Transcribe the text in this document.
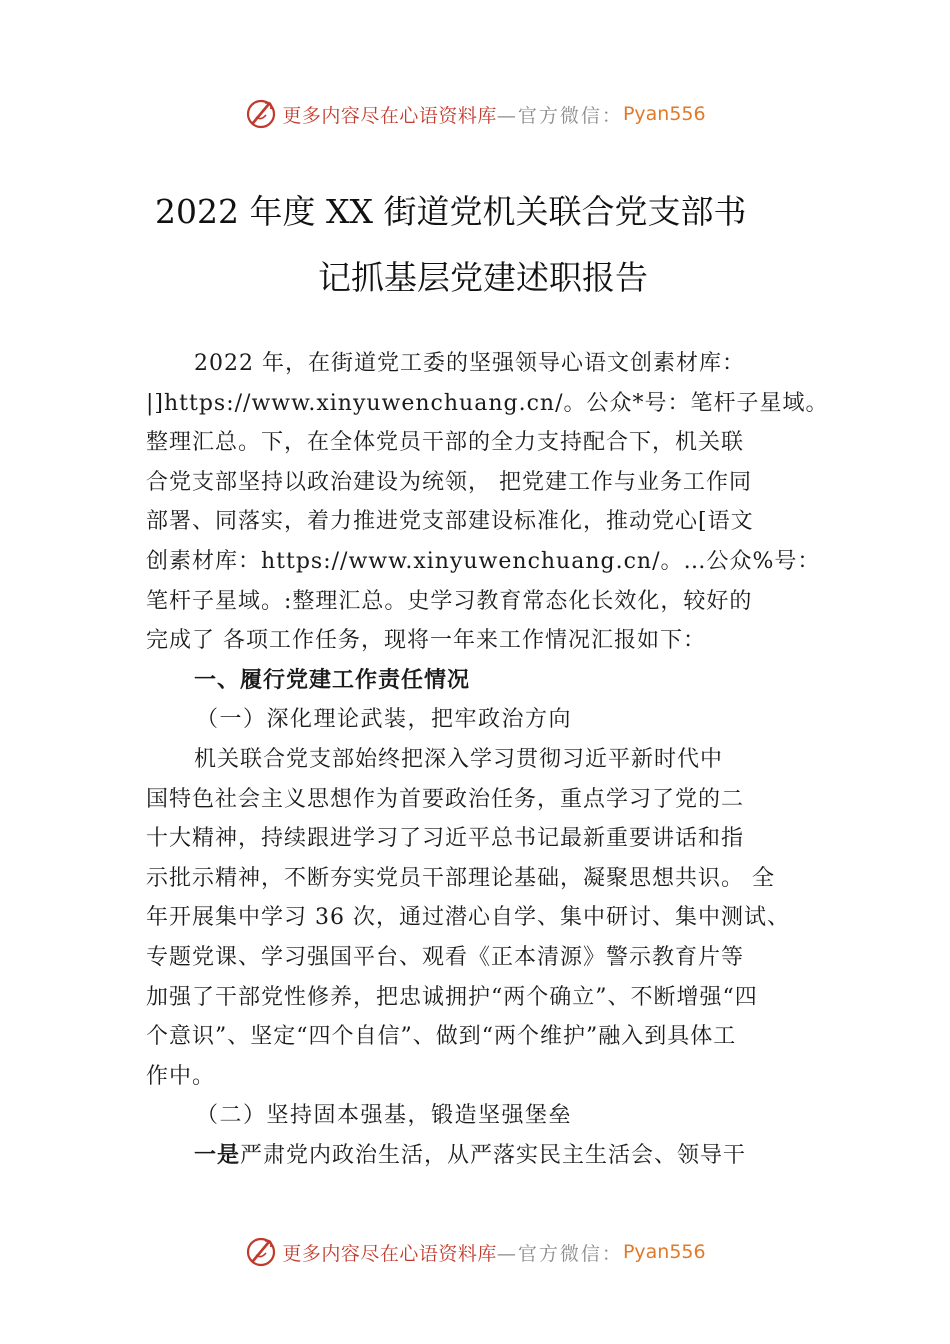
更多内容尽在心语资料库 —官方微信： Pyan556
2022 年度 XX 街道党机关联合党支部书
记抓基层党建述职报告
2022 年，在街道党工委的坚强领导心语文创素材库：
|]https://www.xinyuwenchuang.cn/。公众*号：笔杆子星域。
整理汇总。下，在全体党员干部的全力支持配合下，机关联
合党支部坚持以政治建设为统领， 把党建工作与业务工作同
部署、同落实，着力推进党支部建设标准化，推动党心[语文
创素材库：https://www.xinyuwenchuang.cn/。…公众%号：
笔杆子星域。:整理汇总。史学习教育常态化长效化，较好的
完成了 各项工作任务，现将一年来工作情况汇报如下：
一、履行党建工作责任情况
（一）深化理论武装，把牢政治方向
机关联合党支部始终把深入学习贯彻习近平新时代中
国特色社会主义思想作为首要政治任务，重点学习了党的二
十大精神，持续跟进学习了习近平总书记最新重要讲话和指
示批示精神，不断夯实党员干部理论基础，凝聚思想共识。 全
年开展集中学习 36 次，通过潜心自学、集中研讨、集中测试、
专题党课、学习强国平台、观看《正本清源》警示教育片等
加强了干部党性修养，把忠诚拥护“两个确立”、不断增强“四
个意识”、坚定“四个自信”、做到“两个维护”融入到具体工
作中。
（二）坚持固本强基，锻造坚强堡垒
一是严肃党内政治生活，从严落实民主生活会、领导干
更多内容尽在心语资料库 —官方微信： Pyan556
